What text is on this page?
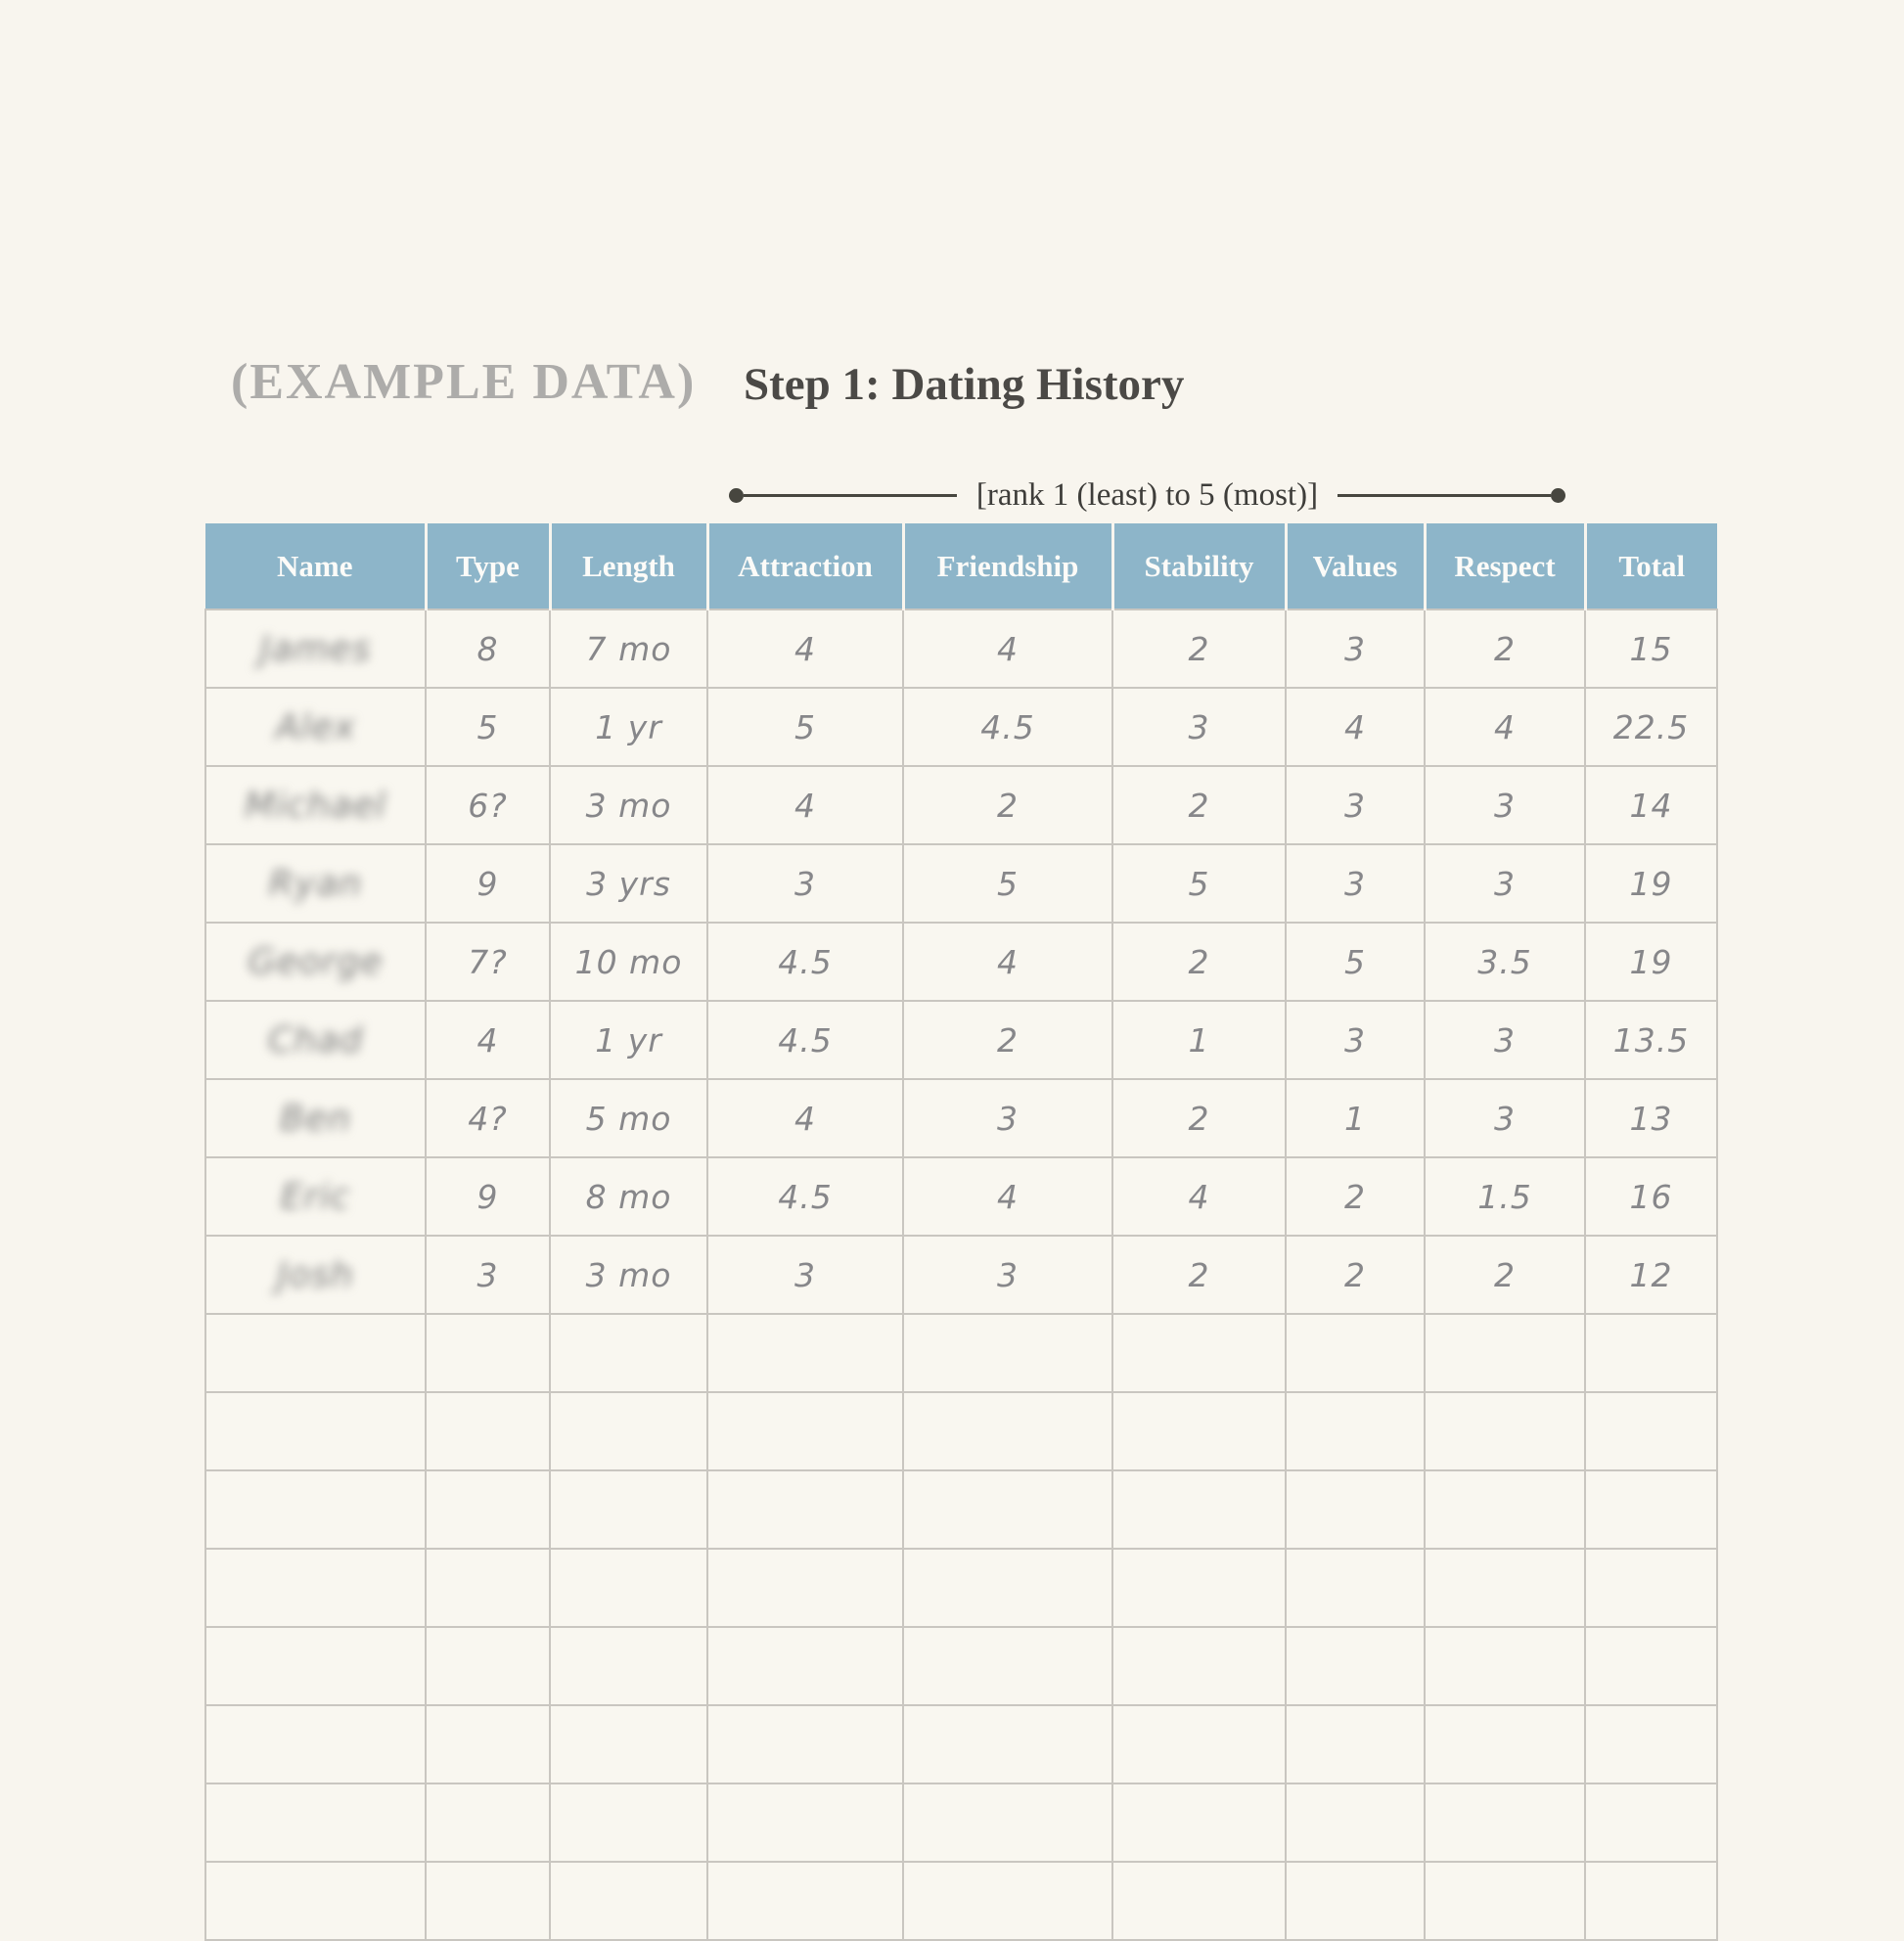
(EXAMPLE DATA) Step 1: Dating History
[rank 1 (least) to 5 (most)]
Name	Type	Length	Attraction	Friendship	Stability	Values	Respect	Total
James	8	7 mo	4	4	2	3	2	15
Alex	5	1 yr	5	4.5	3	4	4	22.5
Michael	6?	3 mo	4	2	2	3	3	14
Ryan	9	3 yrs	3	5	5	3	3	19
George	7?	10 mo	4.5	4	2	5	3.5	19
Chad	4	1 yr	4.5	2	1	3	3	13.5
Ben	4?	5 mo	4	3	2	1	3	13
Eric	9	8 mo	4.5	4	4	2	1.5	16
Josh	3	3 mo	3	3	2	2	2	12
